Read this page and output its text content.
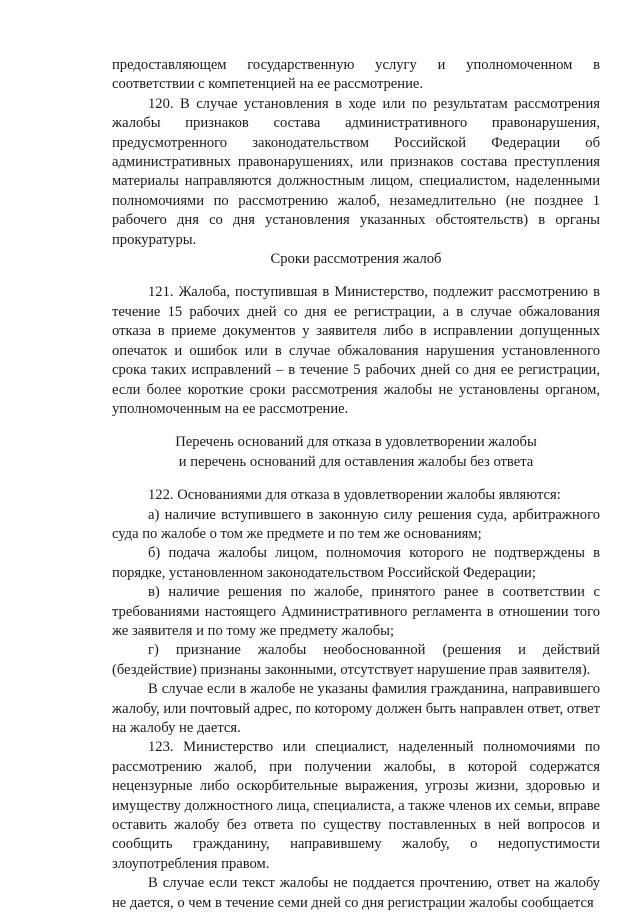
предоставляющем государственную услугу и уполномоченном в соответствии с компетенцией на ее рассмотрение.

120. В случае установления в ходе или по результатам рассмотрения жалобы признаков состава административного правонарушения, предусмотренного законодательством Российской Федерации об административных правонарушениях, или признаков состава преступления материалы направляются должностным лицом, специалистом, наделенными полномочиями по рассмотрению жалоб, незамедлительно (не позднее 1 рабочего дня со дня установления указанных обстоятельств) в органы прокуратуры.

Сроки рассмотрения жалоб

121. Жалоба, поступившая в Министерство, подлежит рассмотрению в течение 15 рабочих дней со дня ее регистрации, а в случае обжалования отказа в приеме документов у заявителя либо в исправлении допущенных опечаток и ошибок или в случае обжалования нарушения установленного срока таких исправлений – в течение 5 рабочих дней со дня ее регистрации, если более короткие сроки рассмотрения жалобы не установлены органом, уполномоченным на ее рассмотрение.

Перечень оснований для отказа в удовлетворении жалобы

и перечень оснований для оставления жалобы без ответа

122. Основаниями для отказа в удовлетворении жалобы являются:

а) наличие вступившего в законную силу решения суда, арбитражного суда по жалобе о том же предмете и по тем же основаниям;

б) подача жалобы лицом, полномочия которого не подтверждены в порядке, установленном законодательством Российской Федерации;

в) наличие решения по жалобе, принятого ранее в соответствии с требованиями настоящего Административного регламента в отношении того же заявителя и по тому же предмету жалобы;

г) признание жалобы необоснованной (решения и действий (бездействие) признаны законными, отсутствует нарушение прав заявителя).

В случае если в жалобе не указаны фамилия гражданина, направившего жалобу, или почтовый адрес, по которому должен быть направлен ответ, ответ на жалобу не дается.

123. Министерство или специалист, наделенный полномочиями по рассмотрению жалоб, при получении жалобы, в которой содержатся нецензурные либо оскорбительные выражения, угрозы жизни, здоровью и имуществу должностного лица, специалиста, а также членов их семьи, вправе оставить жалобу без ответа по существу поставленных в ней вопросов и сообщить гражданину, направившему жалобу, о недопустимости злоупотребления правом.

В случае если текст жалобы не поддается прочтению, ответ на жалобу не дается, о чем в течение семи дней со дня регистрации жалобы сообщается
